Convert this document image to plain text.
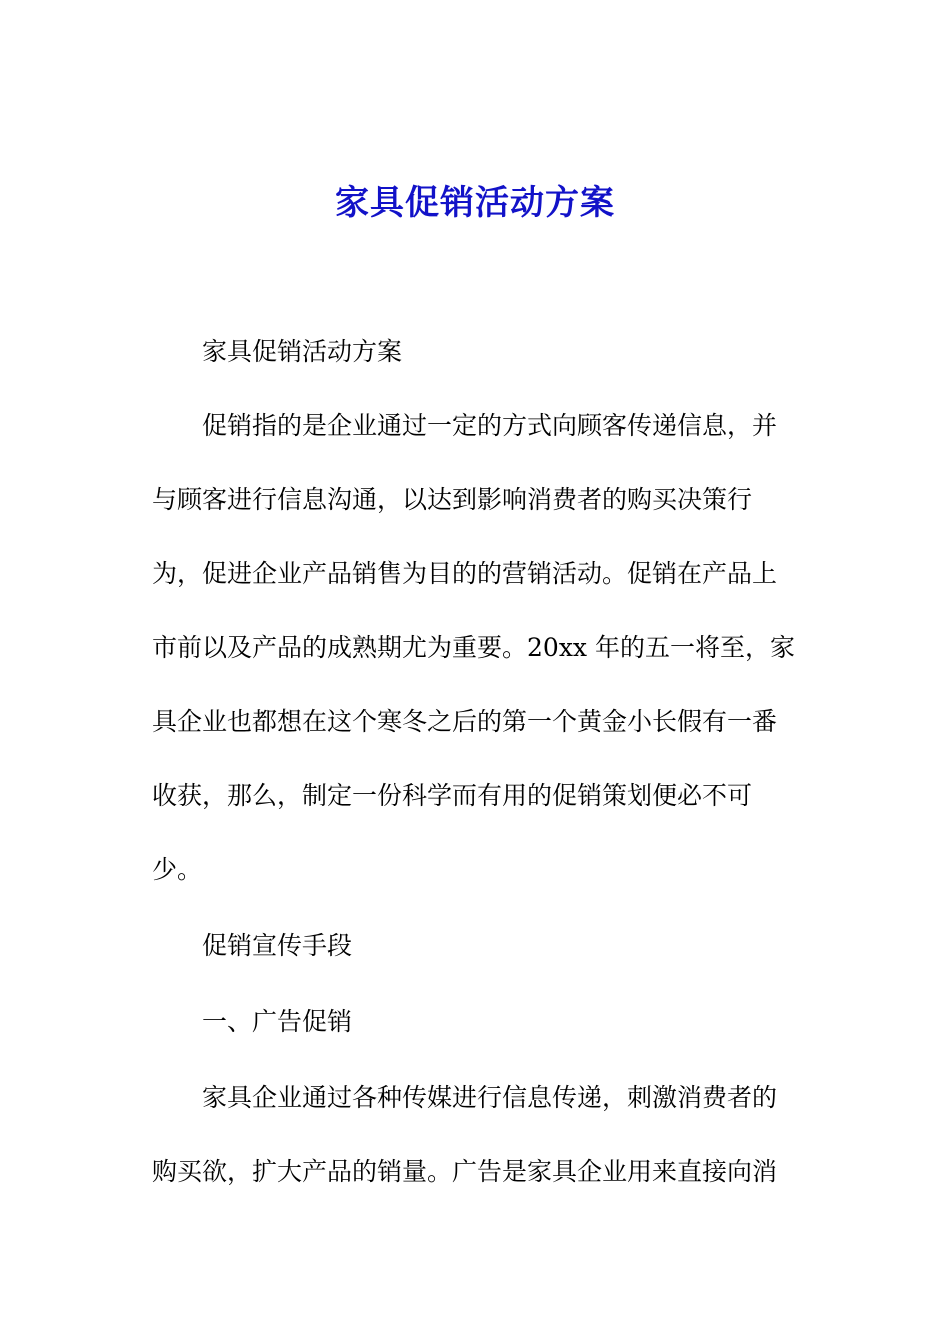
家具促销活动方案
家具促销活动方案
促销指的是企业通过一定的方式向顾客传递信息，并
与顾客进行信息沟通，以达到影响消费者的购买决策行
为，促进企业产品销售为目的的营销活动。促销在产品上
市前以及产品的成熟期尤为重要。20xx 年的五一将至，家
具企业也都想在这个寒冬之后的第一个黄金小长假有一番
收获，那么，制定一份科学而有用的促销策划便必不可
少。
促销宣传手段
一、广告促销
家具企业通过各种传媒进行信息传递，刺激消费者的
购买欲，扩大产品的销量。广告是家具企业用来直接向消
